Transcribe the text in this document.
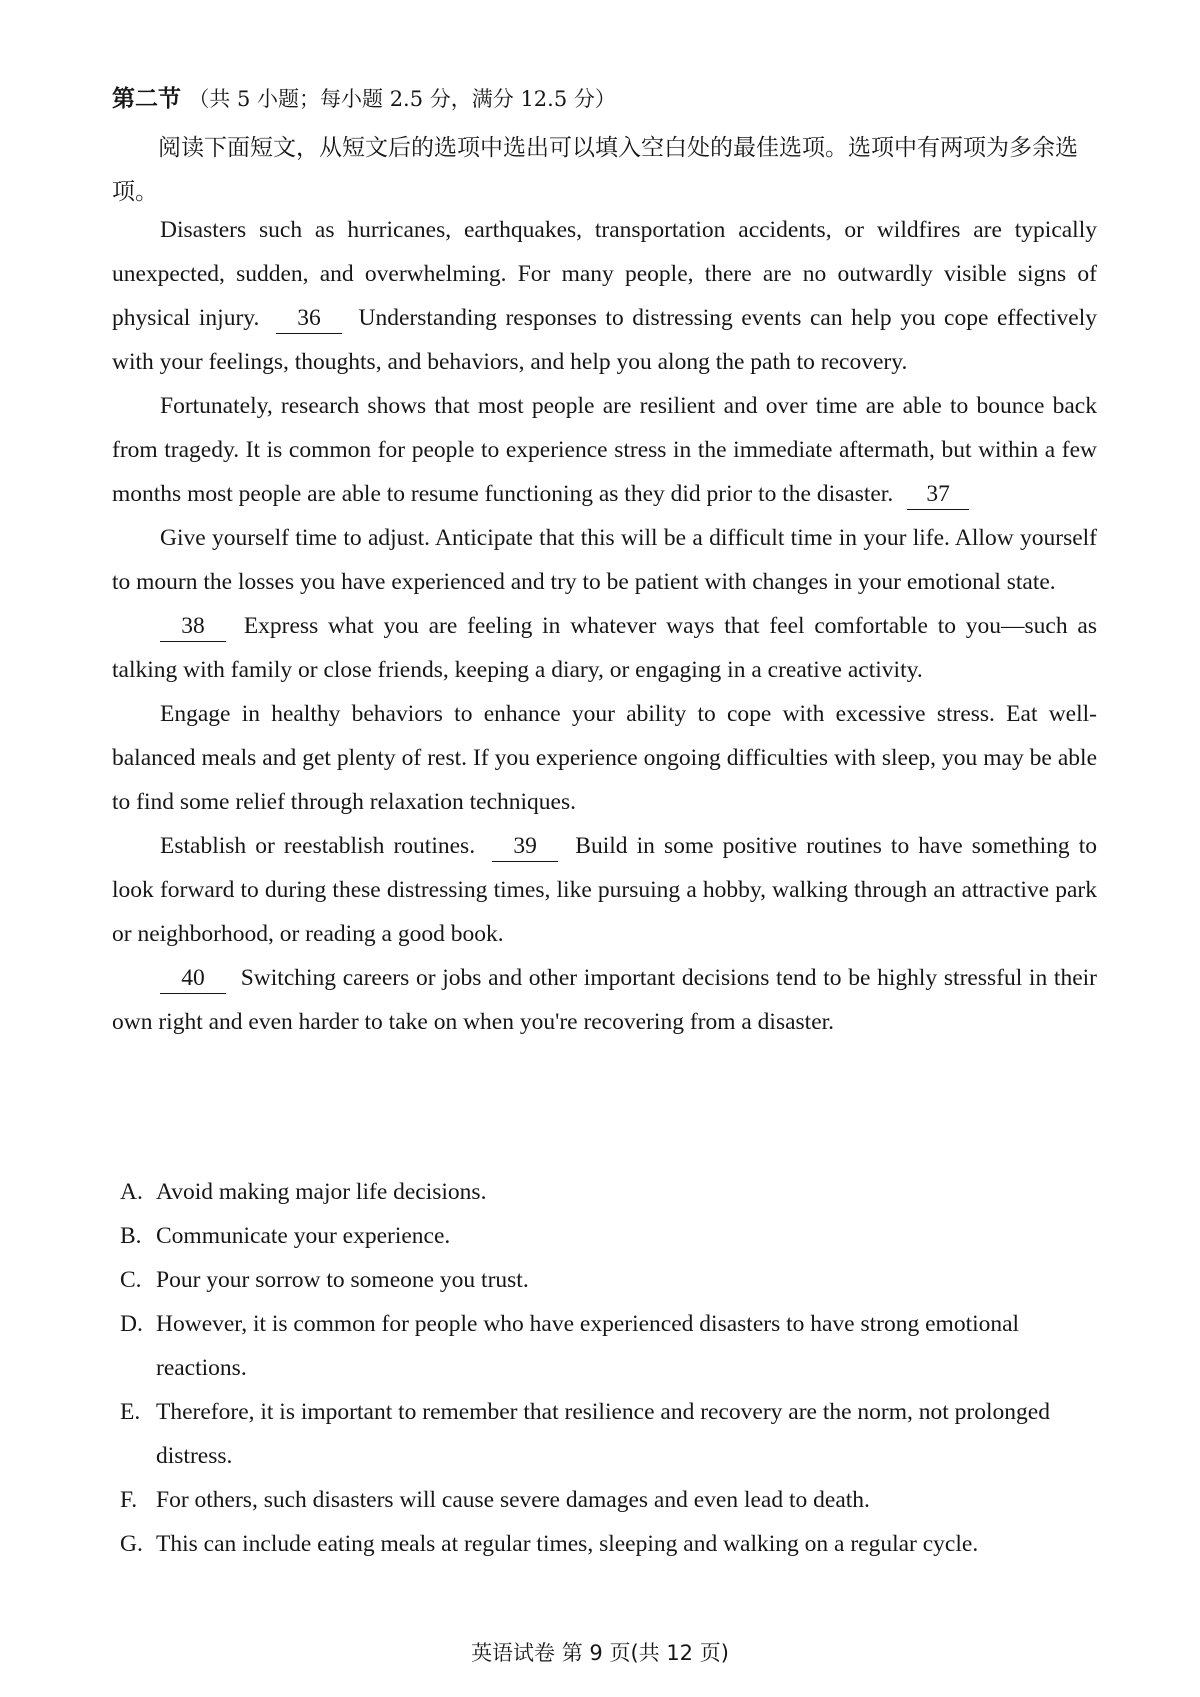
第二节 （共 5 小题；每小题 2.5 分，满分 12.5 分）
阅读下面短文，从短文后的选项中选出可以填入空白处的最佳选项。选项中有两项为多余选项。

Disasters such as hurricanes, earthquakes, transportation accidents, or wildfires are typically unexpected, sudden, and overwhelming. For many people, there are no outwardly visible signs of physical injury. 36 Understanding responses to distressing events can help you cope effectively with your feelings, thoughts, and behaviors, and help you along the path to recovery.

Fortunately, research shows that most people are resilient and over time are able to bounce back from tragedy. It is common for people to experience stress in the immediate aftermath, but within a few months most people are able to resume functioning as they did prior to the disaster. 37

Give yourself time to adjust. Anticipate that this will be a difficult time in your life. Allow yourself to mourn the losses you have experienced and try to be patient with changes in your emotional state.

38 Express what you are feeling in whatever ways that feel comfortable to you—such as talking with family or close friends, keeping a diary, or engaging in a creative activity.

Engage in healthy behaviors to enhance your ability to cope with excessive stress. Eat well-balanced meals and get plenty of rest. If you experience ongoing difficulties with sleep, you may be able to find some relief through relaxation techniques.

Establish or reestablish routines. 39 Build in some positive routines to have something to look forward to during these distressing times, like pursuing a hobby, walking through an attractive park or neighborhood, or reading a good book.

40 Switching careers or jobs and other important decisions tend to be highly stressful in their own right and even harder to take on when you're recovering from a disaster.

A. Avoid making major life decisions.
B. Communicate your experience.
C. Pour your sorrow to someone you trust.
D. However, it is common for people who have experienced disasters to have strong emotional reactions.
E. Therefore, it is important to remember that resilience and recovery are the norm, not prolonged distress.
F. For others, such disasters will cause severe damages and even lead to death.
G. This can include eating meals at regular times, sleeping and walking on a regular cycle.
英语试卷 第 9 页(共 12 页)
